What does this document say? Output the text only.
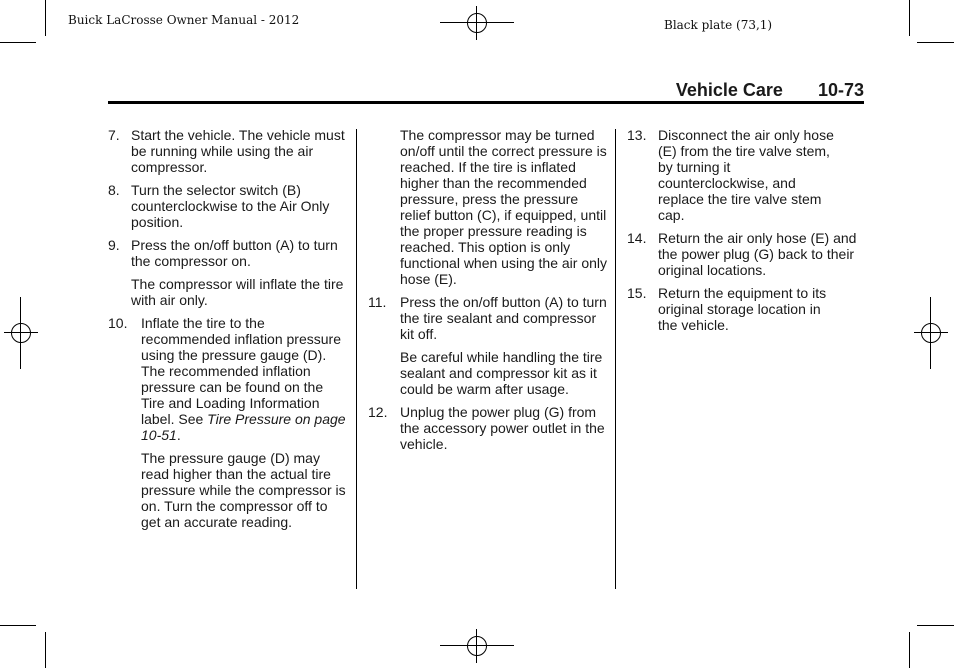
Buick LaCrosse Owner Manual - 2012	Black plate (73,1)
Vehicle Care 10-73
7. Start the vehicle. The vehicle must be running while using the air compressor.
8. Turn the selector switch (B) counterclockwise to the Air Only position.
9. Press the on/off button (A) to turn the compressor on.
The compressor will inflate the tire with air only.
10. Inflate the tire to the recommended inflation pressure using the pressure gauge (D). The recommended inflation pressure can be found on the Tire and Loading Information label. See Tire Pressure on page 10-51.
The pressure gauge (D) may read higher than the actual tire pressure while the compressor is on. Turn the compressor off to get an accurate reading.
The compressor may be turned on/off until the correct pressure is reached. If the tire is inflated higher than the recommended pressure, press the pressure relief button (C), if equipped, until the proper pressure reading is reached. This option is only functional when using the air only hose (E).
11. Press the on/off button (A) to turn the tire sealant and compressor kit off.
Be careful while handling the tire sealant and compressor kit as it could be warm after usage.
12. Unplug the power plug (G) from the accessory power outlet in the vehicle.
13. Disconnect the air only hose (E) from the tire valve stem, by turning it counterclockwise, and replace the tire valve stem cap.
14. Return the air only hose (E) and the power plug (G) back to their original locations.
15. Return the equipment to its original storage location in the vehicle.
